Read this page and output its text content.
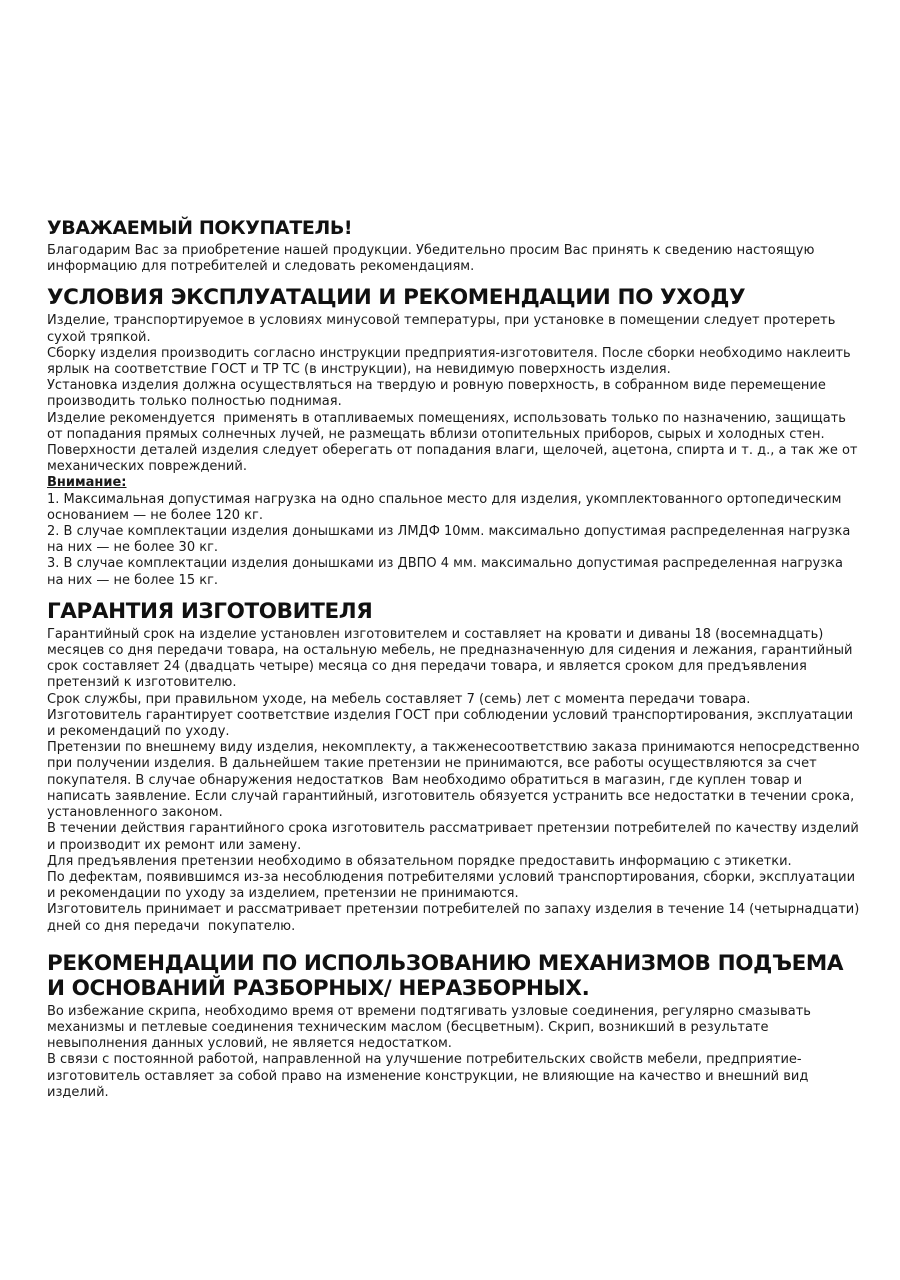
УВАЖАЕМЫЙ ПОКУПАТЕЛЬ!

Благодарим Вас за приобретение нашей продукции. Убедительно просим Вас принять к сведению настоящую информацию для потребителей и следовать рекомендациям.

УСЛОВИЯ ЭКСПЛУАТАЦИИ И РЕКОМЕНДАЦИИ ПО УХОДУ

Изделие, транспортируемое в условиях минусовой температуры, при установке в помещении следует протереть сухой тряпкой.

Сборку изделия производить согласно инструкции предприятия-изготовителя. После сборки необходимо наклеить ярлык на соответствие ГОСТ и ТР ТС (в инструкции), на невидимую поверхность изделия.

Установка изделия должна осуществляться на твердую и ровную поверхность, в собранном виде перемещение производить только полностью поднимая.

Изделие рекомендуется  применять в отапливаемых помещениях, использовать только по назначению, защищать от попадания прямых солнечных лучей, не размещать вблизи отопительных приборов, сырых и холодных стен.

Поверхности деталей изделия следует оберегать от попадания влаги, щелочей, ацетона, спирта и т. д., а так же от механических повреждений.

Внимание:

1. Максимальная допустимая нагрузка на одно спальное место для изделия, укомплектованного ортопедическим основанием — не более 120 кг.

2. В случае комплектации изделия донышками из ЛМДФ 10мм. максимально допустимая распределенная нагрузка на них — не более 30 кг.

3. В случае комплектации изделия донышками из ДВПО 4 мм. максимально допустимая распределенная нагрузка на них — не более 15 кг.

ГАРАНТИЯ ИЗГОТОВИТЕЛЯ

Гарантийный срок на изделие установлен изготовителем и составляет на кровати и диваны 18 (восемнадцать) месяцев со дня передачи товара, на остальную мебель, не предназначенную для сидения и лежания, гарантийный срок составляет 24 (двадцать четыре) месяца со дня передачи товара, и является сроком для предъявления претензий к изготовителю.

Срок службы, при правильном уходе, на мебель составляет 7 (семь) лет с момента передачи товара.

Изготовитель гарантирует соответствие изделия ГОСТ при соблюдении условий транспортирования, эксплуатации и рекомендаций по уходу.

Претензии по внешнему виду изделия, некомплекту, а такженесоответствию заказа принимаются непосредственно при получении изделия. В дальнейшем такие претензии не принимаются, все работы осуществляются за счет покупателя. В случае обнаружения недостатков  Вам необходимо обратиться в магазин, где куплен товар и написать заявление. Если случай гарантийный, изготовитель обязуется устранить все недостатки в течении срока, установленного законом.

В течении действия гарантийного срока изготовитель рассматривает претензии потребителей по качеству изделий и производит их ремонт или замену.

Для предъявления претензии необходимо в обязательном порядке предоставить информацию с этикетки.

По дефектам, появившимся из-за несоблюдения потребителями условий транспортирования, сборки, эксплуатации и рекомендации по уходу за изделием, претензии не принимаются.

Изготовитель принимает и рассматривает претензии потребителей по запаху изделия в течение 14 (четырнадцати) дней со дня передачи  покупателю.

РЕКОМЕНДАЦИИ ПО ИСПОЛЬЗОВАНИЮ МЕХАНИЗМОВ ПОДЪЕМА
И ОСНОВАНИЙ РАЗБОРНЫХ/ НЕРАЗБОРНЫХ.

Во избежание скрипа, необходимо время от времени подтягивать узловые соединения, регулярно смазывать механизмы и петлевые соединения техническим маслом (бесцветным). Скрип, возникший в результате невыполнения данных условий, не является недостатком.

В связи с постоянной работой, направленной на улучшение потребительских свойств мебели, предприятие-изготовитель оставляет за собой право на изменение конструкции, не влияющие на качество и внешний вид изделий.
